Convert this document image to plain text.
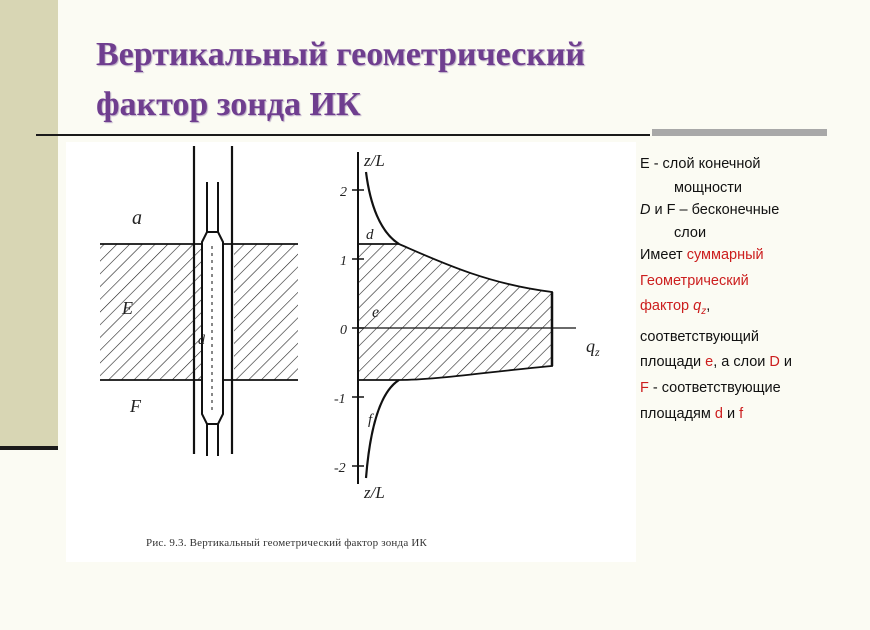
Вертикальный геометрический
фактор зонда ИК
a
E
F
d
2
1
0
-1
-2
d
e
f
z/L
z/L
$q_z$
Рис. 9.3. Вертикальный геометрический фактор зонда ИК

E - слой конечной
мощности

D и F – бесконечные
слои

Имеет суммарный

Геометрический

фактор $q_z$,

соответствующий

площади e, а слои D и

F - соответствующие

площадям d и f
